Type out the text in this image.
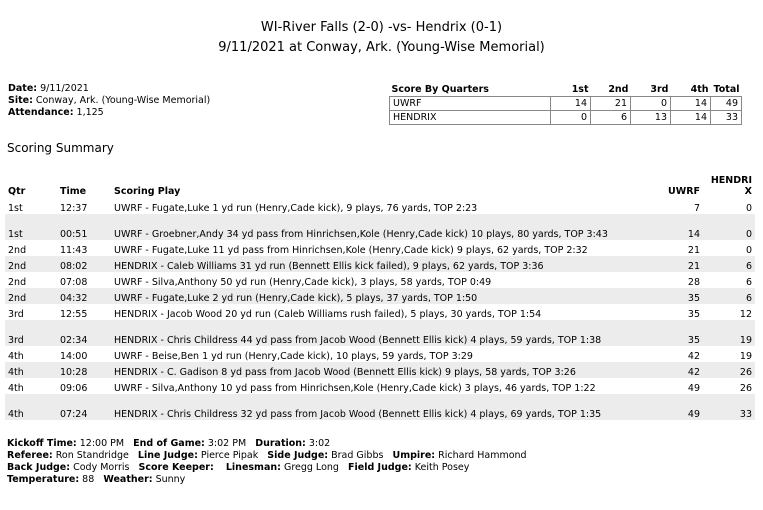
WI-River Falls (2-0) -vs- Hendrix (0-1)
9/11/2021 at Conway, Ark. (Young-Wise Memorial)
Date: 9/11/2021
Site: Conway, Ark. (Young-Wise Memorial)
Attendance: 1,125
Score By Quarters	1st	2nd	3rd	4th	Total
UWRF	14	21	0	14	49
HENDRIX	0	6	13	14	33
Scoring Summary
Qtr	Time	Scoring Play	UWRF	HENDRIX
1st	12:37	UWRF - Fugate,Luke 1 yd run (Henry,Cade kick), 9 plays, 76 yards, TOP 2:23	7	0
1st	00:51	UWRF - Groebner,Andy 34 yd pass from Hinrichsen,Kole (Henry,Cade kick) 10 plays, 80 yards, TOP 3:43	14	0
2nd	11:43	UWRF - Fugate,Luke 11 yd pass from Hinrichsen,Kole (Henry,Cade kick) 9 plays, 62 yards, TOP 2:32	21	0
2nd	08:02	HENDRIX - Caleb Williams 31 yd run (Bennett Ellis kick failed), 9 plays, 62 yards, TOP 3:36	21	6
2nd	07:08	UWRF - Silva,Anthony 50 yd run (Henry,Cade kick), 3 plays, 58 yards, TOP 0:49	28	6
2nd	04:32	UWRF - Fugate,Luke 2 yd run (Henry,Cade kick), 5 plays, 37 yards, TOP 1:50	35	6
3rd	12:55	HENDRIX - Jacob Wood 20 yd run (Caleb Williams rush failed), 5 plays, 30 yards, TOP 1:54	35	12
3rd	02:34	HENDRIX - Chris Childress 44 yd pass from Jacob Wood (Bennett Ellis kick) 4 plays, 59 yards, TOP 1:38	35	19
4th	14:00	UWRF - Beise,Ben 1 yd run (Henry,Cade kick), 10 plays, 59 yards, TOP 3:29	42	19
4th	10:28	HENDRIX - C. Gadison 8 yd pass from Jacob Wood (Bennett Ellis kick) 9 plays, 58 yards, TOP 3:26	42	26
4th	09:06	UWRF - Silva,Anthony 10 yd pass from Hinrichsen,Kole (Henry,Cade kick) 3 plays, 46 yards, TOP 1:22	49	26
4th	07:24	HENDRIX - Chris Childress 32 yd pass from Jacob Wood (Bennett Ellis kick) 4 plays, 69 yards, TOP 1:35	49	33
Kickoff Time: 12:00 PM End of Game: 3:02 PM Duration: 3:02
Referee: Ron Standridge Line Judge: Pierce Pipak Side Judge: Brad Gibbs Umpire: Richard Hammond
Back Judge: Cody Morris Score Keeper: Linesman: Gregg Long Field Judge: Keith Posey
Temperature: 88 Weather: Sunny
